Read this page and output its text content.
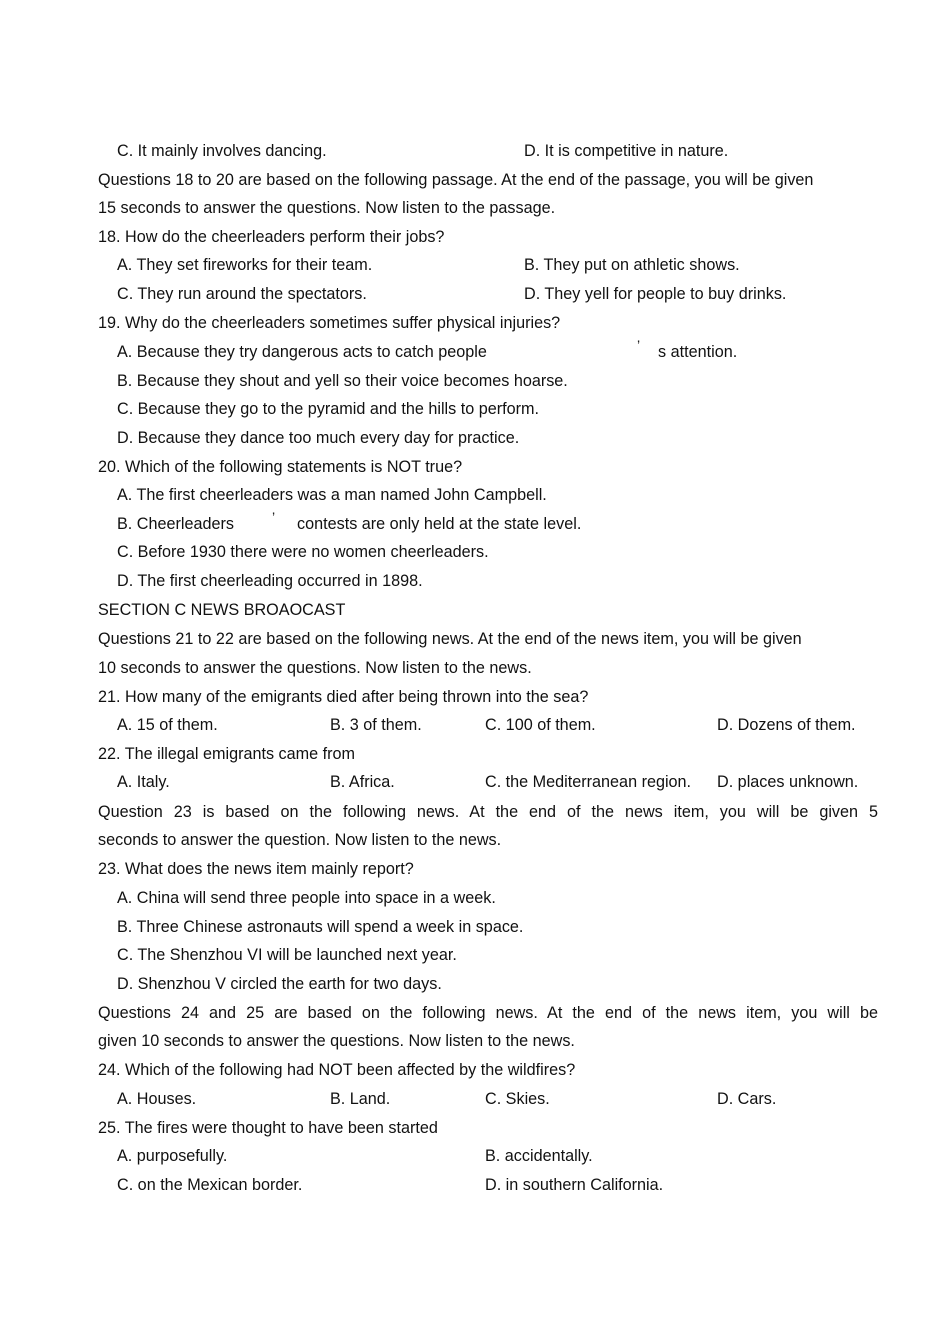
C. It mainly involves dancing.	D. It is competitive in nature.
Questions 18 to 20 are based on the following passage. At the end of the passage, you will be given
15 seconds to answer the questions. Now listen to the passage.
18. How do the cheerleaders perform their jobs?
A. They set fireworks for their team.	B. They put on athletic shows.
C. They run around the spectators.	D. They yell for people to buy drinks.
19. Why do the cheerleaders sometimes suffer physical injuries?
A. Because they try dangerous acts to catch people	’ s attention.
B. Because they shout and yell so their voice becomes hoarse.
C. Because they go to the pyramid and the hills to perform.
D. Because they dance too much every day for practice.
20. Which of the following statements is NOT true?
A. The first cheerleaders was a man named John Campbell.
B. Cheerleaders	’ contests are only held at the state level.
C. Before 1930 there were no women cheerleaders.
D. The first cheerleading occurred in 1898.
SECTION C NEWS BROAOCAST
Questions 21 to 22 are based on the following news. At the end of the news item, you will be given
10 seconds to answer the questions. Now listen to the news.
21. How many of the emigrants died after being thrown into the sea?
A. 15 of them.	B. 3 of them.	C. 100 of them.	D. Dozens of them.
22. The illegal emigrants came from
A. Italy.	B. Africa.	C. the Mediterranean region. D. places unknown.
Question 23 is based on the following news. At the end of the news item, you will be given 5
seconds to answer the question. Now listen to the news.
23. What does the news item mainly report?
A. China will send three people into space in a week.
B. Three Chinese astronauts will spend a week in space.
C. The Shenzhou VI will be launched next year.
D. Shenzhou V circled the earth for two days.
Questions 24 and 25 are based on the following news. At the end of the news item, you will be
given 10 seconds to answer the questions. Now listen to the news.
24. Which of the following had NOT been affected by the wildfires?
A. Houses.	B. Land.	C. Skies.	D. Cars.
25. The fires were thought to have been started
A. purposefully.	B. accidentally.
C. on the Mexican border.	D. in southern California.
